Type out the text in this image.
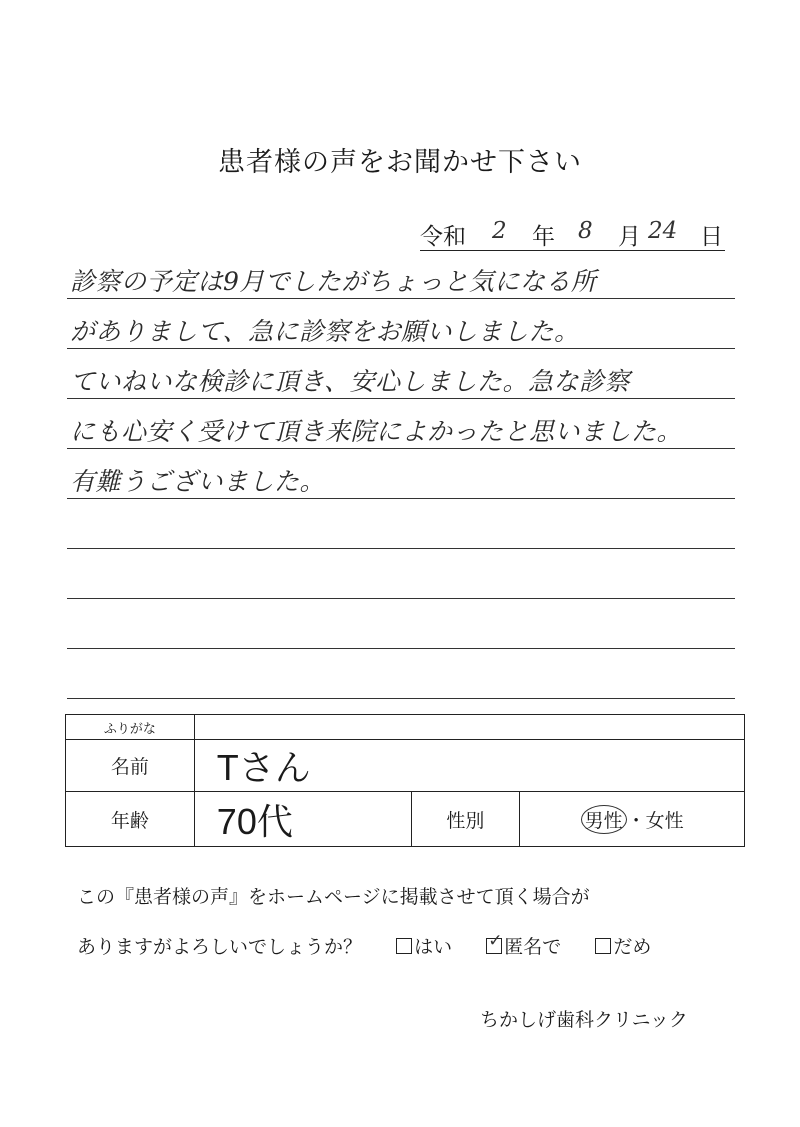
患者様の声をお聞かせ下さい
令和 2 年 8 月 24 日
診察の予定は9月でしたがちょっと気になる所
がありまして、急に診察をお願いしました。
ていねいな検診に頂き、安心しました。急な診察
にも心安く受けて頂き来院によかったと思いました。
有難うございました。
ふりがな			
名前	Tさん		
年齢	70代	性別	男性 ・女性
この『患者様の声』をホームページに掲載させて頂く場合が
ありますがよろしいでしょうか？	はい ✓	匿名で	だめ
ちかしげ歯科クリニック
